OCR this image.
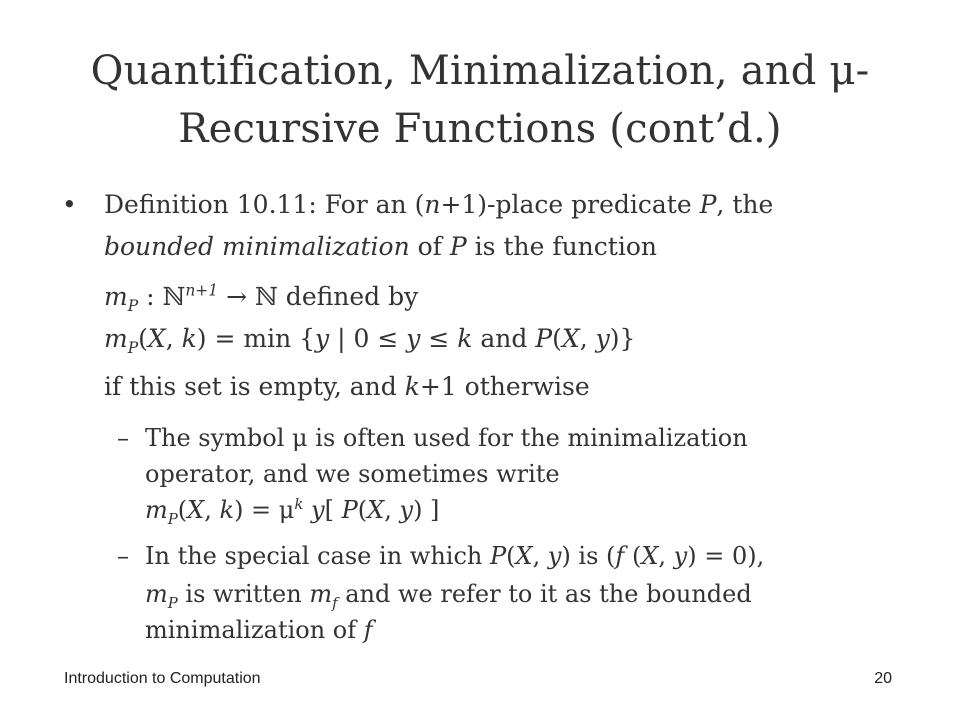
Quantification, Minimalization, and μ-
Recursive Functions (cont’d.)
• Definition 10.11: For an (n+1)-place predicate P, the
bounded minimalization of P is the function
$m_P$ : ℕ$^{n+1}$ → ℕ defined by
$m_P(X$, k) = min {y | 0 ≤ y ≤ k and P(X, y)}
if this set is empty, and k+1 otherwise
– The symbol μ is often used for the minimalization
operator, and we sometimes write
$m_P(X$, $k) = \mu^k$ y[ P(X, y) ]
– In the special case in which P(X, y) is (f (X, y) = 0),
$m_P$ is written $m_f$ and we refer to it as the bounded
minimalization of f
Introduction to Computation	20
